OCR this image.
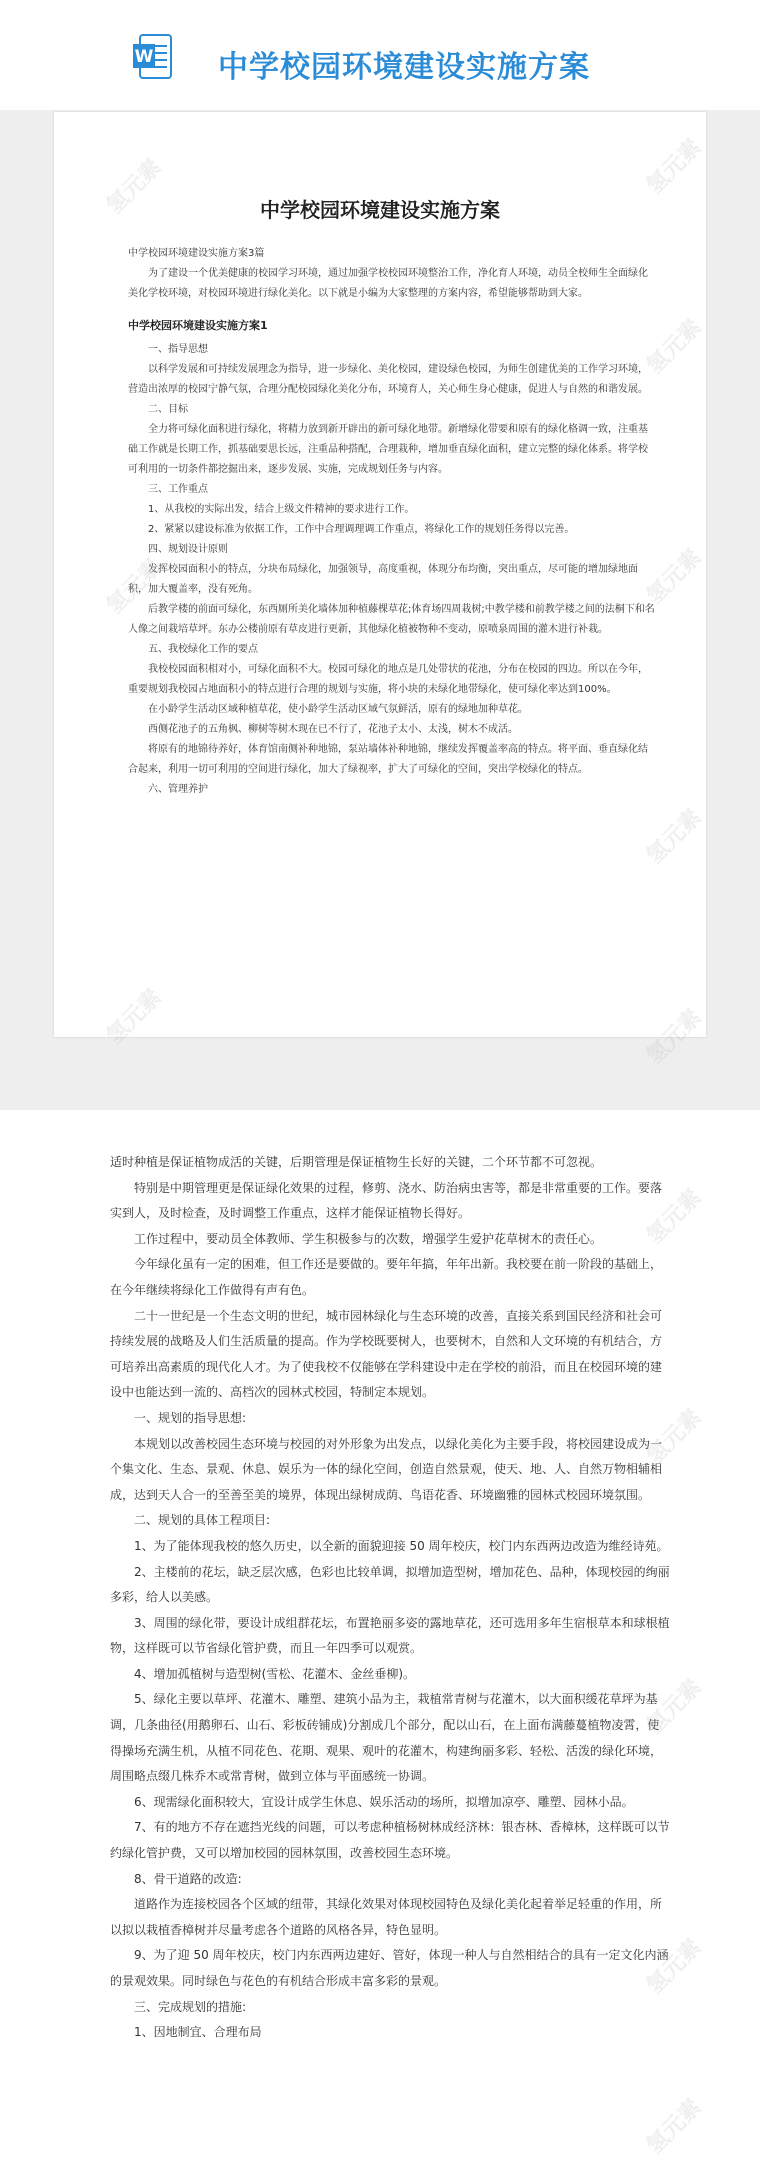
W 中学校园环境建设实施方案
中学校园环境建设实施方案

中学校园环境建设实施方案3篇

为了建设一个优美健康的校园学习环境，通过加强学校校园环境整治工作，净化育人环境，动员全校师生全面绿化美化学校环境，对校园环境进行绿化美化。以下就是小编为大家整理的方案内容，希望能够帮助到大家。

中学校园环境建设实施方案1

　　一、指导思想

以科学发展和可持续发展理念为指导，进一步绿化、美化校园，建设绿色校园，为师生创建优美的工作学习环境，营造出浓厚的校园宁静气氛，合理分配校园绿化美化分布，环境育人，关心师生身心健康，促进人与自然的和谐发展。

　　二、目标

全力将可绿化面积进行绿化，将精力放到新开辟出的新可绿化地带。新增绿化带要和原有的绿化格调一致，注重基础工作就是长期工作，抓基础要思长远，注重品种搭配，合理栽种，增加垂直绿化面积，建立完整的绿化体系。将学校可利用的一切条件都挖掘出来，逐步发展、实施，完成规划任务与内容。

　　三、工作重点

1、从我校的实际出发，结合上级文件精神的要求进行工作。

2、紧紧以建设标准为依据工作，工作中合理调理调工作重点，将绿化工作的规划任务得以完善。

　　四、规划设计原则

发挥校园面积小的特点，分块布局绿化，加强领导，高度重视，体现分布均衡，突出重点，尽可能的增加绿地面积，加大覆盖率，没有死角。

后教学楼的前面可绿化，东西厕所美化墙体加种植藤棵草花;体育场四周栽树;中教学楼和前教学楼之间的法桐下和名人像之间栽培草坪。东办公楼前原有草皮进行更新，其他绿化植被物种不变动，原喷泉周围的灌木进行补栽。

　　五、我校绿化工作的要点

我校校园面积相对小，可绿化面积不大。校园可绿化的地点是几处带状的花池，分布在校园的四边。所以在今年，重要规划我校园占地面积小的特点进行合理的规划与实施，将小块的未绿化地带绿化，使可绿化率达到100%。

在小龄学生活动区域种植草花，使小龄学生活动区域气氛鲜活，原有的绿地加种草花。

西侧花池子的五角枫、柳树等树木现在已不行了，花池子太小、太浅，树木不成活。

将原有的地锦待养好，体育馆南侧补种地锦，泵站墙体补种地锦，继续发挥覆盖率高的特点。将平面、垂直绿化结合起来，利用一切可利用的空间进行绿化，加大了绿视率，扩大了可绿化的空间，突出学校绿化的特点。

　　六、管理养护

适时种植是保证植物成活的关键，后期管理是保证植物生长好的关键，二个环节都不可忽视。

特别是中期管理更是保证绿化效果的过程，修剪、浇水、防治病虫害等，都是非常重要的工作。要落实到人，及时检查，及时调整工作重点，这样才能保证植物长得好。

工作过程中，要动员全体教师、学生积极参与的次数，增强学生爱护花草树木的责任心。

今年绿化虽有一定的困难，但工作还是要做的。要年年搞，年年出新。我校要在前一阶段的基础上，在今年继续将绿化工作做得有声有色。

二十一世纪是一个生态文明的世纪，城市园林绿化与生态环境的改善，直接关系到国民经济和社会可持续发展的战略及人们生活质量的提高。作为学校既要树人，也要树木，自然和人文环境的有机结合，方可培养出高素质的现代化人才。为了使我校不仅能够在学科建设中走在学校的前沿，而且在校园环境的建设中也能达到一流的、高档次的园林式校园，特制定本规划。

一、规划的指导思想:

本规划以改善校园生态环境与校园的对外形象为出发点，以绿化美化为主要手段，将校园建设成为一个集文化、生态、景观、休息、娱乐为一体的绿化空间，创造自然景观，使天、地、人、自然万物相辅相成，达到天人合一的至善至美的境界，体现出绿树成荫、鸟语花香、环境幽雅的园林式校园环境氛围。

二、规划的具体工程项目:

1、为了能体现我校的悠久历史，以全新的面貌迎接 50 周年校庆，校门内东西两边改造为维经诗苑。

2、主楼前的花坛，缺乏层次感，色彩也比较单调，拟增加造型树，增加花色、品种，体现校园的绚丽多彩，给人以美感。

3、周围的绿化带，要设计成组群花坛，布置艳丽多姿的露地草花，还可选用多年生宿根草本和球根植物，这样既可以节省绿化管护费，而且一年四季可以观赏。

4、增加孤植树与造型树(雪松、花灌木、金丝垂柳)。

5、绿化主要以草坪、花灌木、雕塑、建筑小品为主，栽植常青树与花灌木，以大面积缓花草坪为基调，几条曲径(用鹅卵石、山石、彩板砖铺成)分割成几个部分，配以山石，在上面布满藤蔓植物凌霄，使得操场充满生机，从植不同花色、花期、观果、观叶的花灌木，构建绚丽多彩、轻松、活泼的绿化环境，周围略点缀几株乔木或常青树，做到立体与平面感统一协调。

6、现需绿化面积较大，宜设计成学生休息、娱乐活动的场所，拟增加凉亭、雕塑、园林小品。

7、有的地方不存在遮挡光线的问题，可以考虑种植杨树林成经济林：银杏林、香樟林，这样既可以节约绿化管护费，又可以增加校园的园林氛围，改善校园生态环境。

8、骨干道路的改造:

道路作为连接校园各个区域的纽带，其绿化效果对体现校园特色及绿化美化起着举足轻重的作用，所以拟以栽植香樟树并尽量考虑各个道路的风格各异，特色显明。

9、为了迎 50 周年校庆，校门内东西两边建好、管好，体现一种人与自然相结合的具有一定文化内涵的景观效果。同时绿色与花色的有机结合形成丰富多彩的景观。

三、完成规划的措施:

1、因地制宜、合理布局

氢元素	氢元素
氢元素
氢元素
氢元素
氢元素
氢元素	氢元素
氢元素
氢元素
氢元素
氢元素
氢元素
